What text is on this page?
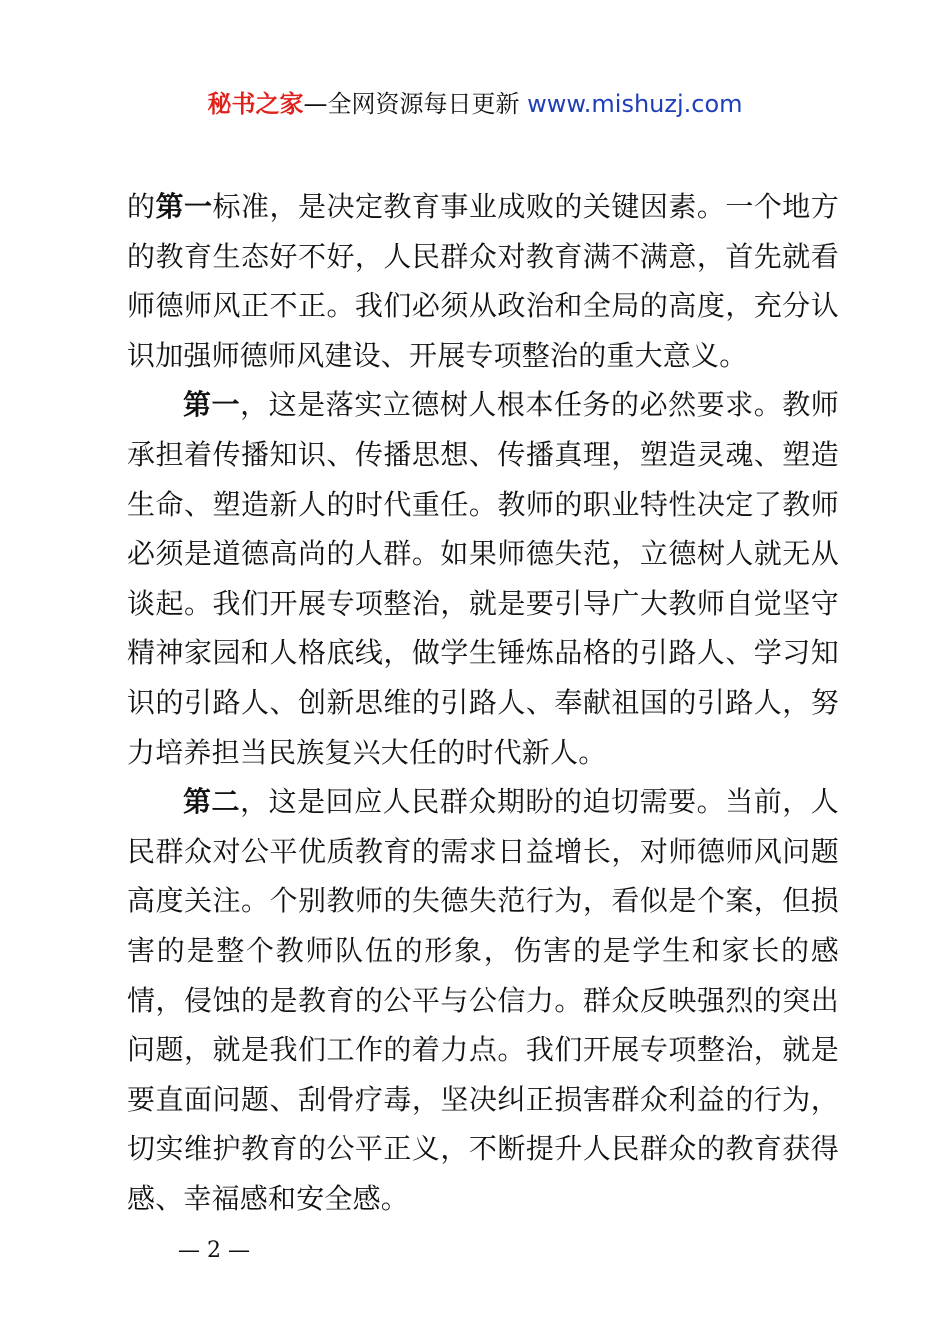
秘书之家—全网资源每日更新 www.mishuzj.com

的第一标准，是决定教育事业成败的关键因素。一个地方的教育生态好不好，人民群众对教育满不满意，首先就看师德师风正不正。我们必须从政治和全局的高度，充分认识加强师德师风建设、开展专项整治的重大意义。

第一，这是落实立德树人根本任务的必然要求。教师承担着传播知识、传播思想、传播真理，塑造灵魂、塑造生命、塑造新人的时代重任。教师的职业特性决定了教师必须是道德高尚的人群。如果师德失范，立德树人就无从谈起。我们开展专项整治，就是要引导广大教师自觉坚守精神家园和人格底线，做学生锤炼品格的引路人、学习知识的引路人、创新思维的引路人、奉献祖国的引路人，努力培养担当民族复兴大任的时代新人。

第二，这是回应人民群众期盼的迫切需要。当前，人民群众对公平优质教育的需求日益增长，对师德师风问题高度关注。个别教师的失德失范行为，看似是个案，但损害的是整个教师队伍的形象，伤害的是学生和家长的感情，侵蚀的是教育的公平与公信力。群众反映强烈的突出问题，就是我们工作的着力点。我们开展专项整治，就是要直面问题、刮骨疗毒，坚决纠正损害群众利益的行为，切实维护教育的公平正义，不断提升人民群众的教育获得感、幸福感和安全感。

— 2 —
